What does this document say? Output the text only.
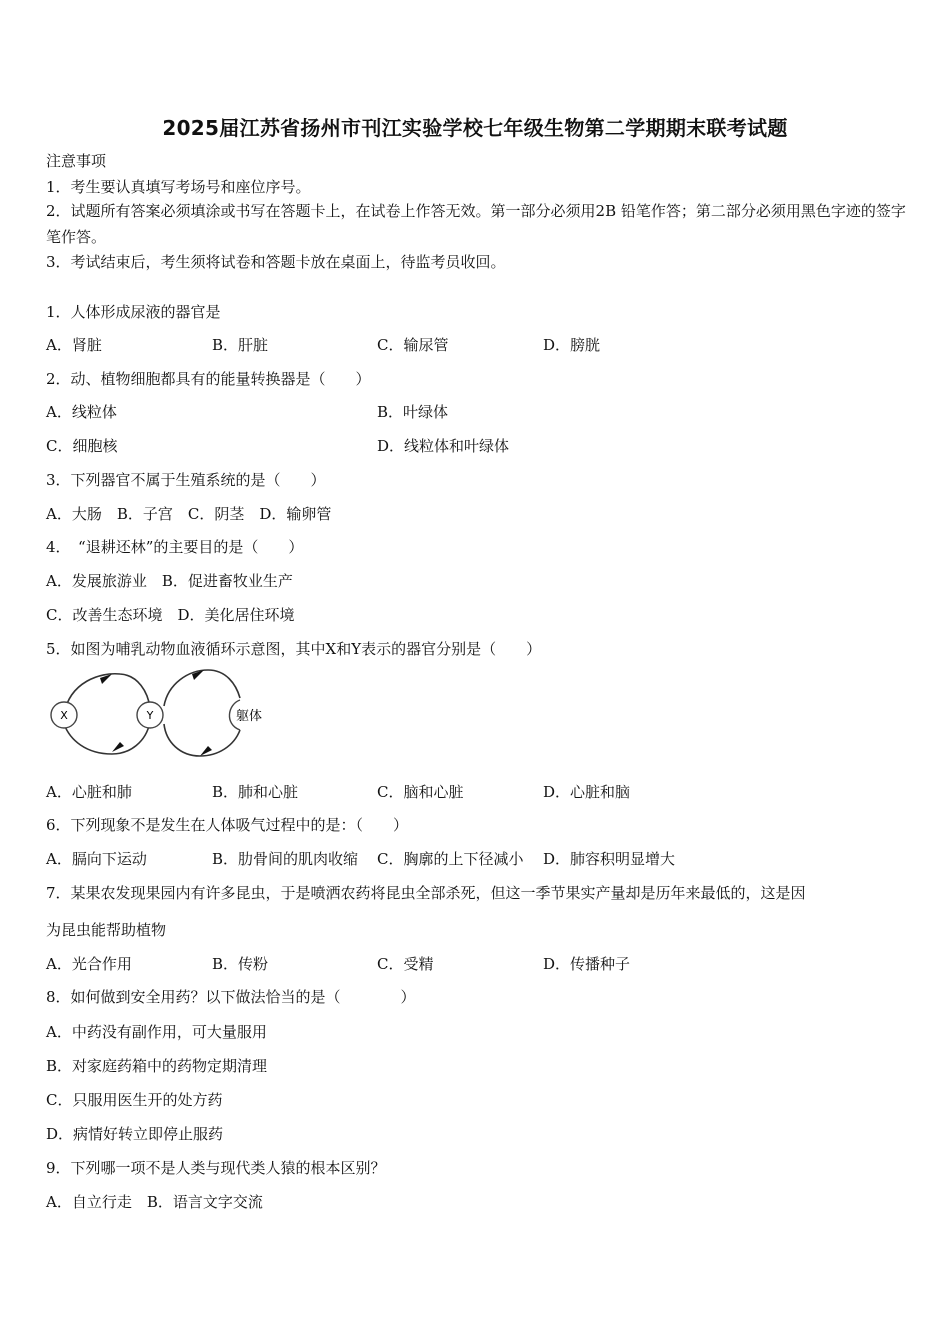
2025届江苏省扬州市刊江实验学校七年级生物第二学期期末联考试题
注意事项
1．考生要认真填写考场号和座位序号。
2．试题所有答案必须填涂或书写在答题卡上，在试卷上作答无效。第一部分必须用2B 铅笔作答；第二部分必须用黑色字迹的签字笔作答。
3．考试结束后，考生须将试卷和答题卡放在桌面上，待监考员收回。
1．人体形成尿液的器官是
A．肾脏	B．肝脏	C．输尿管	D．膀胱
2．动、植物细胞都具有的能量转换器是（　　）
A．线粒体	B．叶绿体
C．细胞核	D．线粒体和叶绿体
3．下列器官不属于生殖系统的是（　　）
A．大肠　B．子宫　C．阴茎　D．输卵管
4．　“退耕还林”的主要目的是（　　）
A．发展旅游业　B．促进畜牧业生产
C．改善生态环境　D．美化居住环境
5．如图为哺乳动物血液循环示意图，其中X和Y表示的器官分别是（　　）
X	Y	躯体
A．心脏和肺	B．肺和心脏	C．脑和心脏	D．心脏和脑
6．下列现象不是发生在人体吸气过程中的是：（　　）
A．膈向下运动	B．肋骨间的肌肉收缩 C．胸廓的上下径减小 D．肺容积明显增大
7．某果农发现果园内有许多昆虫，于是喷洒农药将昆虫全部杀死，但这一季节果实产量却是历年来最低的，这是因
为昆虫能帮助植物
A．光合作用	B．传粉	C．受精	D．传播种子
8．如何做到安全用药？以下做法恰当的是（　　　　）
A．中药没有副作用，可大量服用
B．对家庭药箱中的药物定期清理
C．只服用医生开的处方药
D．病情好转立即停止服药
9．下列哪一项不是人类与现代类人猿的根本区别？
A．自立行走　B．语言文字交流
